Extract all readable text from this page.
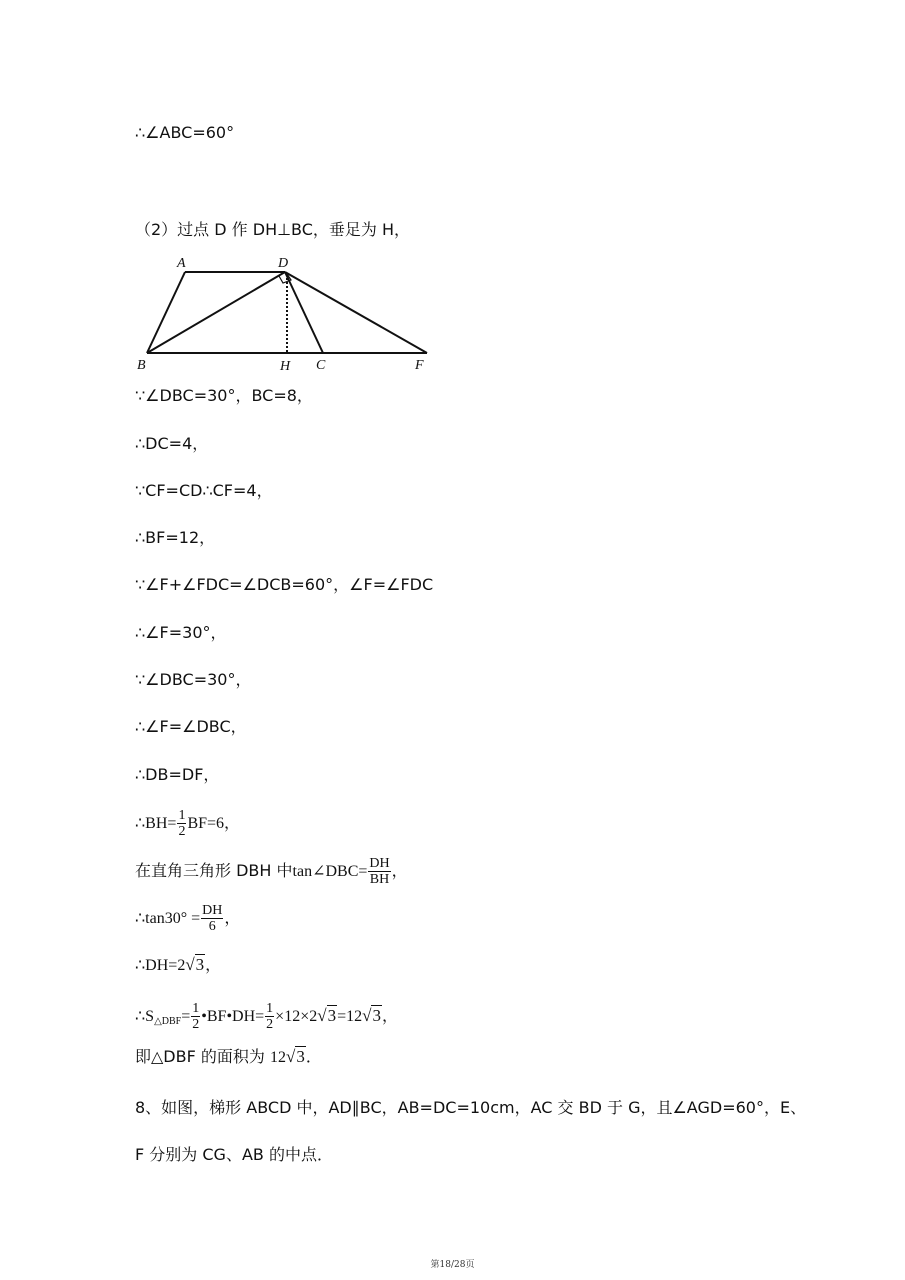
∴∠ABC=60°
（2）过点 D 作 DH⊥BC，垂足为 H，
A	D
B	H C	F
∵∠DBC=30°，BC=8，
∴DC=4，
∵CF=CD∴CF=4，
∴BF=12，
∵∠F+∠FDC=∠DCB=60°，∠F=∠FDC
∴∠F=30°，
∵∠DBC=30°，
∴∠F=∠DBC，
∴DB=DF，
∴BH= $\frac{1}{2} BF=6$，
在直角三角形 DBH 中tan∠DBC= $\frac{DH}{BH}$ ，
∴tan30° = $\frac{DH}{6}$ ，
∴DH=2√3，
$\therefore S_{\triangle DBF}= \frac{1}{2}$ •BF•DH= $\frac{1}{2} \times 12\times 2√3=12√3$，
即△DBF 的面积为 12√3．
8、如图，梯形 ABCD 中，AD∥BC，AB=DC=10cm，AC 交 BD 于 G，且∠AGD=60°，E、
F 分别为 CG、AB 的中点．
第18/28页
